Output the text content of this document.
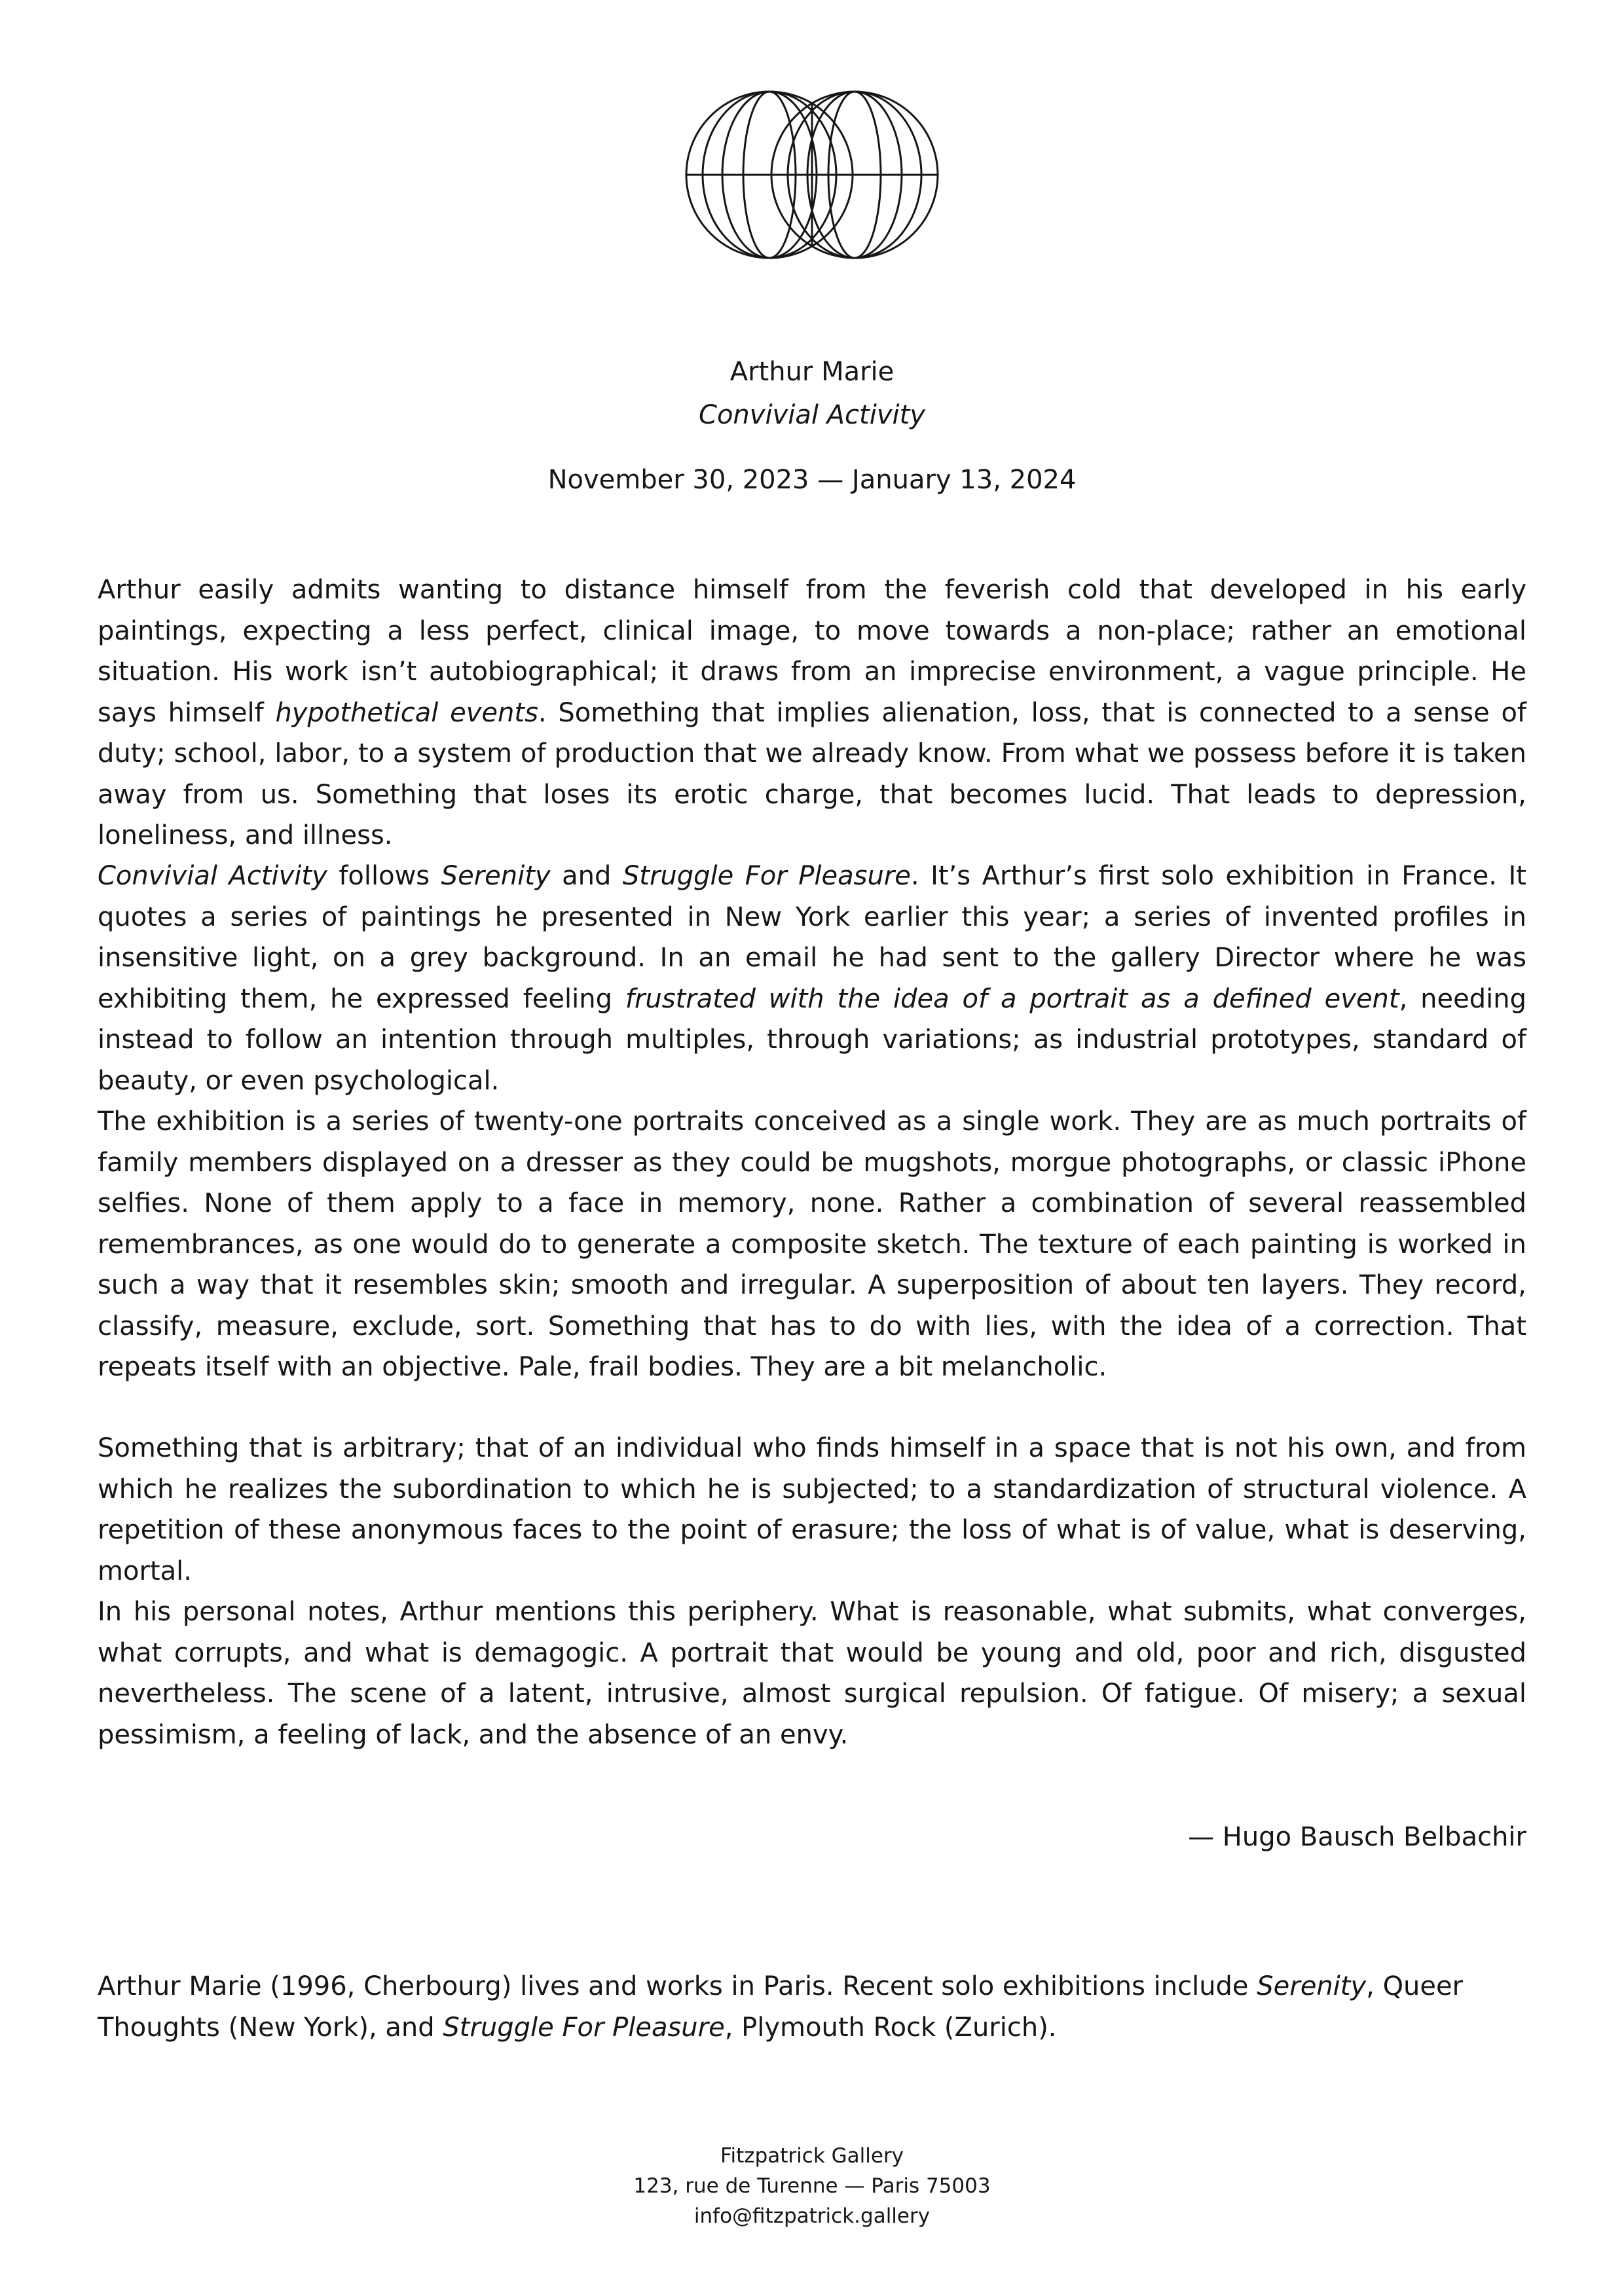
Arthur Marie
Convivial Activity
November 30, 2023 — January 13, 2024

Arthur easily admits wanting to distance himself from the feverish cold that developed in his early paintings, expecting a less perfect, clinical image, to move towards a non-place; rather an emotional situation. His work isn’t autobiographical; it draws from an imprecise environment, a vague principle. He says himself hypothetical events. Something that implies alienation, loss, that is connected to a sense of duty; school, labor, to a system of production that we already know. From what we possess before it is taken away from us. Something that loses its erotic charge, that becomes lucid. That leads to depression, loneliness, and illness.

Convivial Activity follows Serenity and Struggle For Pleasure. It’s Arthur’s first solo exhibition in France. It quotes a series of paintings he presented in New York earlier this year; a series of invented profiles in insensitive light, on a grey background. In an email he had sent to the gallery Director where he was exhibiting them, he expressed feeling frustrated with the idea of a portrait as a defined event, needing instead to follow an intention through multiples, through variations; as industrial prototypes, standard of beauty, or even psychological.

The exhibition is a series of twenty-one portraits conceived as a single work. They are as much portraits of family members displayed on a dresser as they could be mugshots, morgue photographs, or classic iPhone selfies. None of them apply to a face in memory, none. Rather a combination of several reassembled remembrances, as one would do to generate a composite sketch. The texture of each painting is worked in such a way that it resembles skin; smooth and irregular. A superposition of about ten layers. They record, classify, measure, exclude, sort. Something that has to do with lies, with the idea of a correction. That repeats itself with an objective. Pale, frail bodies. They are a bit melancholic.

Something that is arbitrary; that of an individual who finds himself in a space that is not his own, and from which he realizes the subordination to which he is subjected; to a standardization of structural violence. A repetition of these anonymous faces to the point of erasure; the loss of what is of value, what is deserving, mortal.

In his personal notes, Arthur mentions this periphery. What is reasonable, what submits, what converges, what corrupts, and what is demagogic. A portrait that would be young and old, poor and rich, disgusted nevertheless. The scene of a latent, intrusive, almost surgical repulsion. Of fatigue. Of misery; a sexual pessimism, a feeling of lack, and the absence of an envy.

— Hugo Bausch Belbachir

Arthur Marie (1996, Cherbourg) lives and works in Paris. Recent solo exhibitions include Serenity, Queer Thoughts (New York), and Struggle For Pleasure, Plymouth Rock (Zurich).

Fitzpatrick Gallery
123, rue de Turenne — Paris 75003
info@fitzpatrick.gallery
